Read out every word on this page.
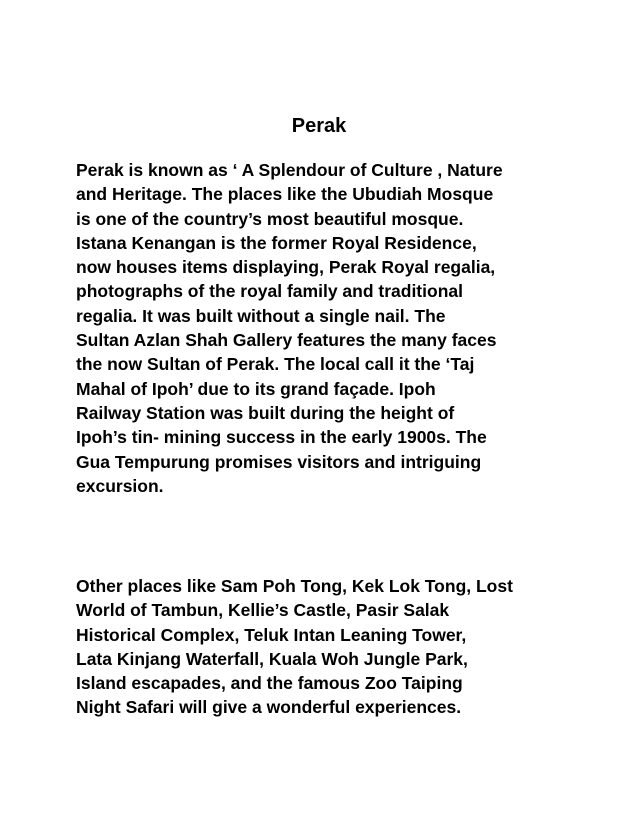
Perak
Perak is known as ‘ A Splendour of Culture , Nature
and Heritage. The places like the Ubudiah Mosque
is one of the country’s most beautiful mosque.
Istana Kenangan is the former Royal Residence,
now houses items displaying, Perak Royal regalia,
photographs of the royal family and traditional
regalia. It was built without a single nail. The
Sultan Azlan Shah Gallery features the many faces
the now Sultan of Perak. The local call it the ‘Taj
Mahal of Ipoh’ due to its grand façade. Ipoh
Railway Station was built during the height of
Ipoh’s tin- mining success in the early 1900s. The
Gua Tempurung promises visitors and intriguing
excursion.
Other places like Sam Poh Tong, Kek Lok Tong, Lost
World of Tambun, Kellie’s Castle, Pasir Salak
Historical Complex, Teluk Intan Leaning Tower,
Lata Kinjang Waterfall, Kuala Woh Jungle Park,
Island escapades, and the famous Zoo Taiping
Night Safari will give a wonderful experiences.
